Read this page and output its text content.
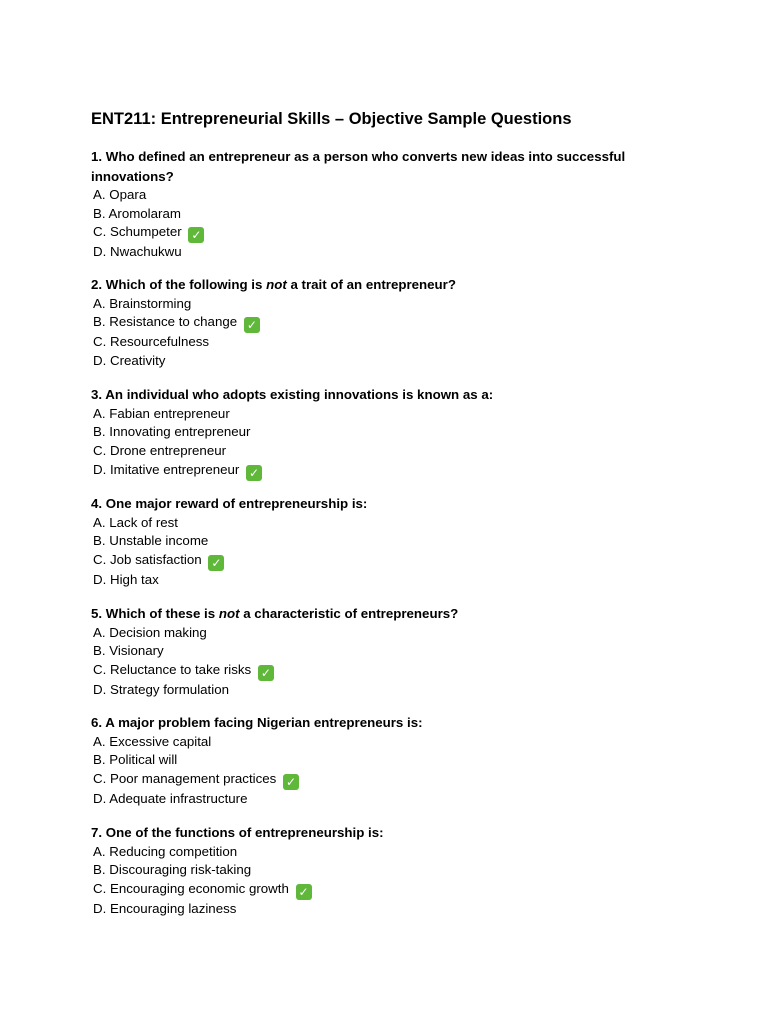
ENT211: Entrepreneurial Skills – Objective Sample Questions

1. Who defined an entrepreneur as a person who converts new ideas into successful innovations?

A. Opara
B. Aromolaram
C. Schumpeter ✓
D. Nwachukwu

2. Which of the following is not a trait of an entrepreneur?

A. Brainstorming
B. Resistance to change ✓
C. Resourcefulness
D. Creativity

3. An individual who adopts existing innovations is known as a:

A. Fabian entrepreneur
B. Innovating entrepreneur
C. Drone entrepreneur
D. Imitative entrepreneur ✓

4. One major reward of entrepreneurship is:

A. Lack of rest
B. Unstable income
C. Job satisfaction ✓
D. High tax

5. Which of these is not a characteristic of entrepreneurs?

A. Decision making
B. Visionary
C. Reluctance to take risks ✓
D. Strategy formulation

6. A major problem facing Nigerian entrepreneurs is:

A. Excessive capital
B. Political will
C. Poor management practices ✓
D. Adequate infrastructure

7. One of the functions of entrepreneurship is:

A. Reducing competition
B. Discouraging risk-taking
C. Encouraging economic growth ✓
D. Encouraging laziness
